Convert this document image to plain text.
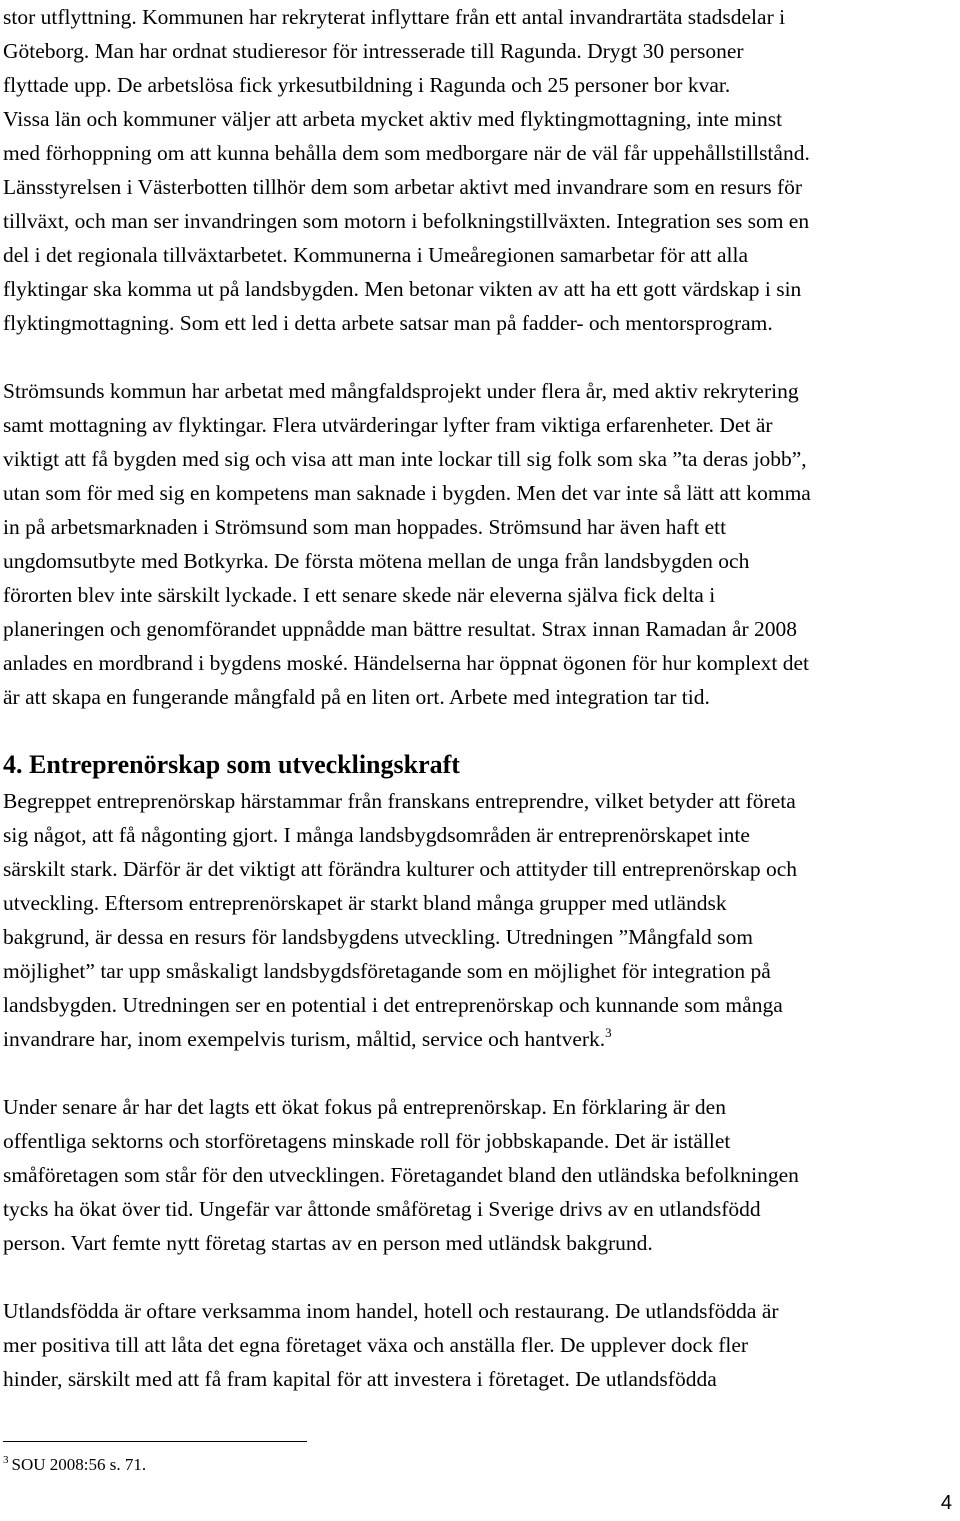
stor utflyttning. Kommunen har rekryterat inflyttare från ett antal invandrartäta stadsdelar i
Göteborg. Man har ordnat studieresor för intresserade till Ragunda. Drygt 30 personer
flyttade upp. De arbetslösa fick yrkesutbildning i Ragunda och 25 personer bor kvar.

Vissa län och kommuner väljer att arbeta mycket aktiv med flyktingmottagning, inte minst
med förhoppning om att kunna behålla dem som medborgare när de väl får uppehållstillstånd.
Länsstyrelsen i Västerbotten tillhör dem som arbetar aktivt med invandrare som en resurs för
tillväxt, och man ser invandringen som motorn i befolkningstillväxten. Integration ses som en
del i det regionala tillväxtarbetet. Kommunerna i Umeåregionen samarbetar för att alla
flyktingar ska komma ut på landsbygden. Men betonar vikten av att ha ett gott värdskap i sin
flyktingmottagning. Som ett led i detta arbete satsar man på fadder- och mentorsprogram.

Strömsunds kommun har arbetat med mångfaldsprojekt under flera år, med aktiv rekrytering
samt mottagning av flyktingar. Flera utvärderingar lyfter fram viktiga erfarenheter. Det är
viktigt att få bygden med sig och visa att man inte lockar till sig folk som ska ”ta deras jobb”,
utan som för med sig en kompetens man saknade i bygden. Men det var inte så lätt att komma
in på arbetsmarknaden i Strömsund som man hoppades. Strömsund har även haft ett
ungdomsutbyte med Botkyrka. De första mötena mellan de unga från landsbygden och
förorten blev inte särskilt lyckade. I ett senare skede när eleverna själva fick delta i
planeringen och genomförandet uppnådde man bättre resultat. Strax innan Ramadan år 2008
anlades en mordbrand i bygdens moské. Händelserna har öppnat ögonen för hur komplext det
är att skapa en fungerande mångfald på en liten ort. Arbete med integration tar tid.

4. Entreprenörskap som utvecklingskraft

Begreppet entreprenörskap härstammar från franskans entreprendre, vilket betyder att företa
sig något, att få någonting gjort. I många landsbygdsområden är entreprenörskapet inte
särskilt stark. Därför är det viktigt att förändra kulturer och attityder till entreprenörskap och
utveckling. Eftersom entreprenörskapet är starkt bland många grupper med utländsk
bakgrund, är dessa en resurs för landsbygdens utveckling. Utredningen ”Mångfald som
möjlighet” tar upp småskaligt landsbygdsföretagande som en möjlighet för integration på
landsbygden. Utredningen ser en potential i det entreprenörskap och kunnande som många
invandrare har, inom exempelvis turism, måltid, service och hantverk.$^3$

Under senare år har det lagts ett ökat fokus på entreprenörskap. En förklaring är den
offentliga sektorns och storföretagens minskade roll för jobbskapande. Det är istället
småföretagen som står för den utvecklingen. Företagandet bland den utländska befolkningen
tycks ha ökat över tid. Ungefär var åttonde småföretag i Sverige drivs av en utlandsfödd
person. Vart femte nytt företag startas av en person med utländsk bakgrund.

Utlandsfödda är oftare verksamma inom handel, hotell och restaurang. De utlandsfödda är
mer positiva till att låta det egna företaget växa och anställa fler. De upplever dock fler
hinder, särskilt med att få fram kapital för att investera i företaget. De utlandsfödda

$^3$ SOU 2008:56 s. 71.
4
